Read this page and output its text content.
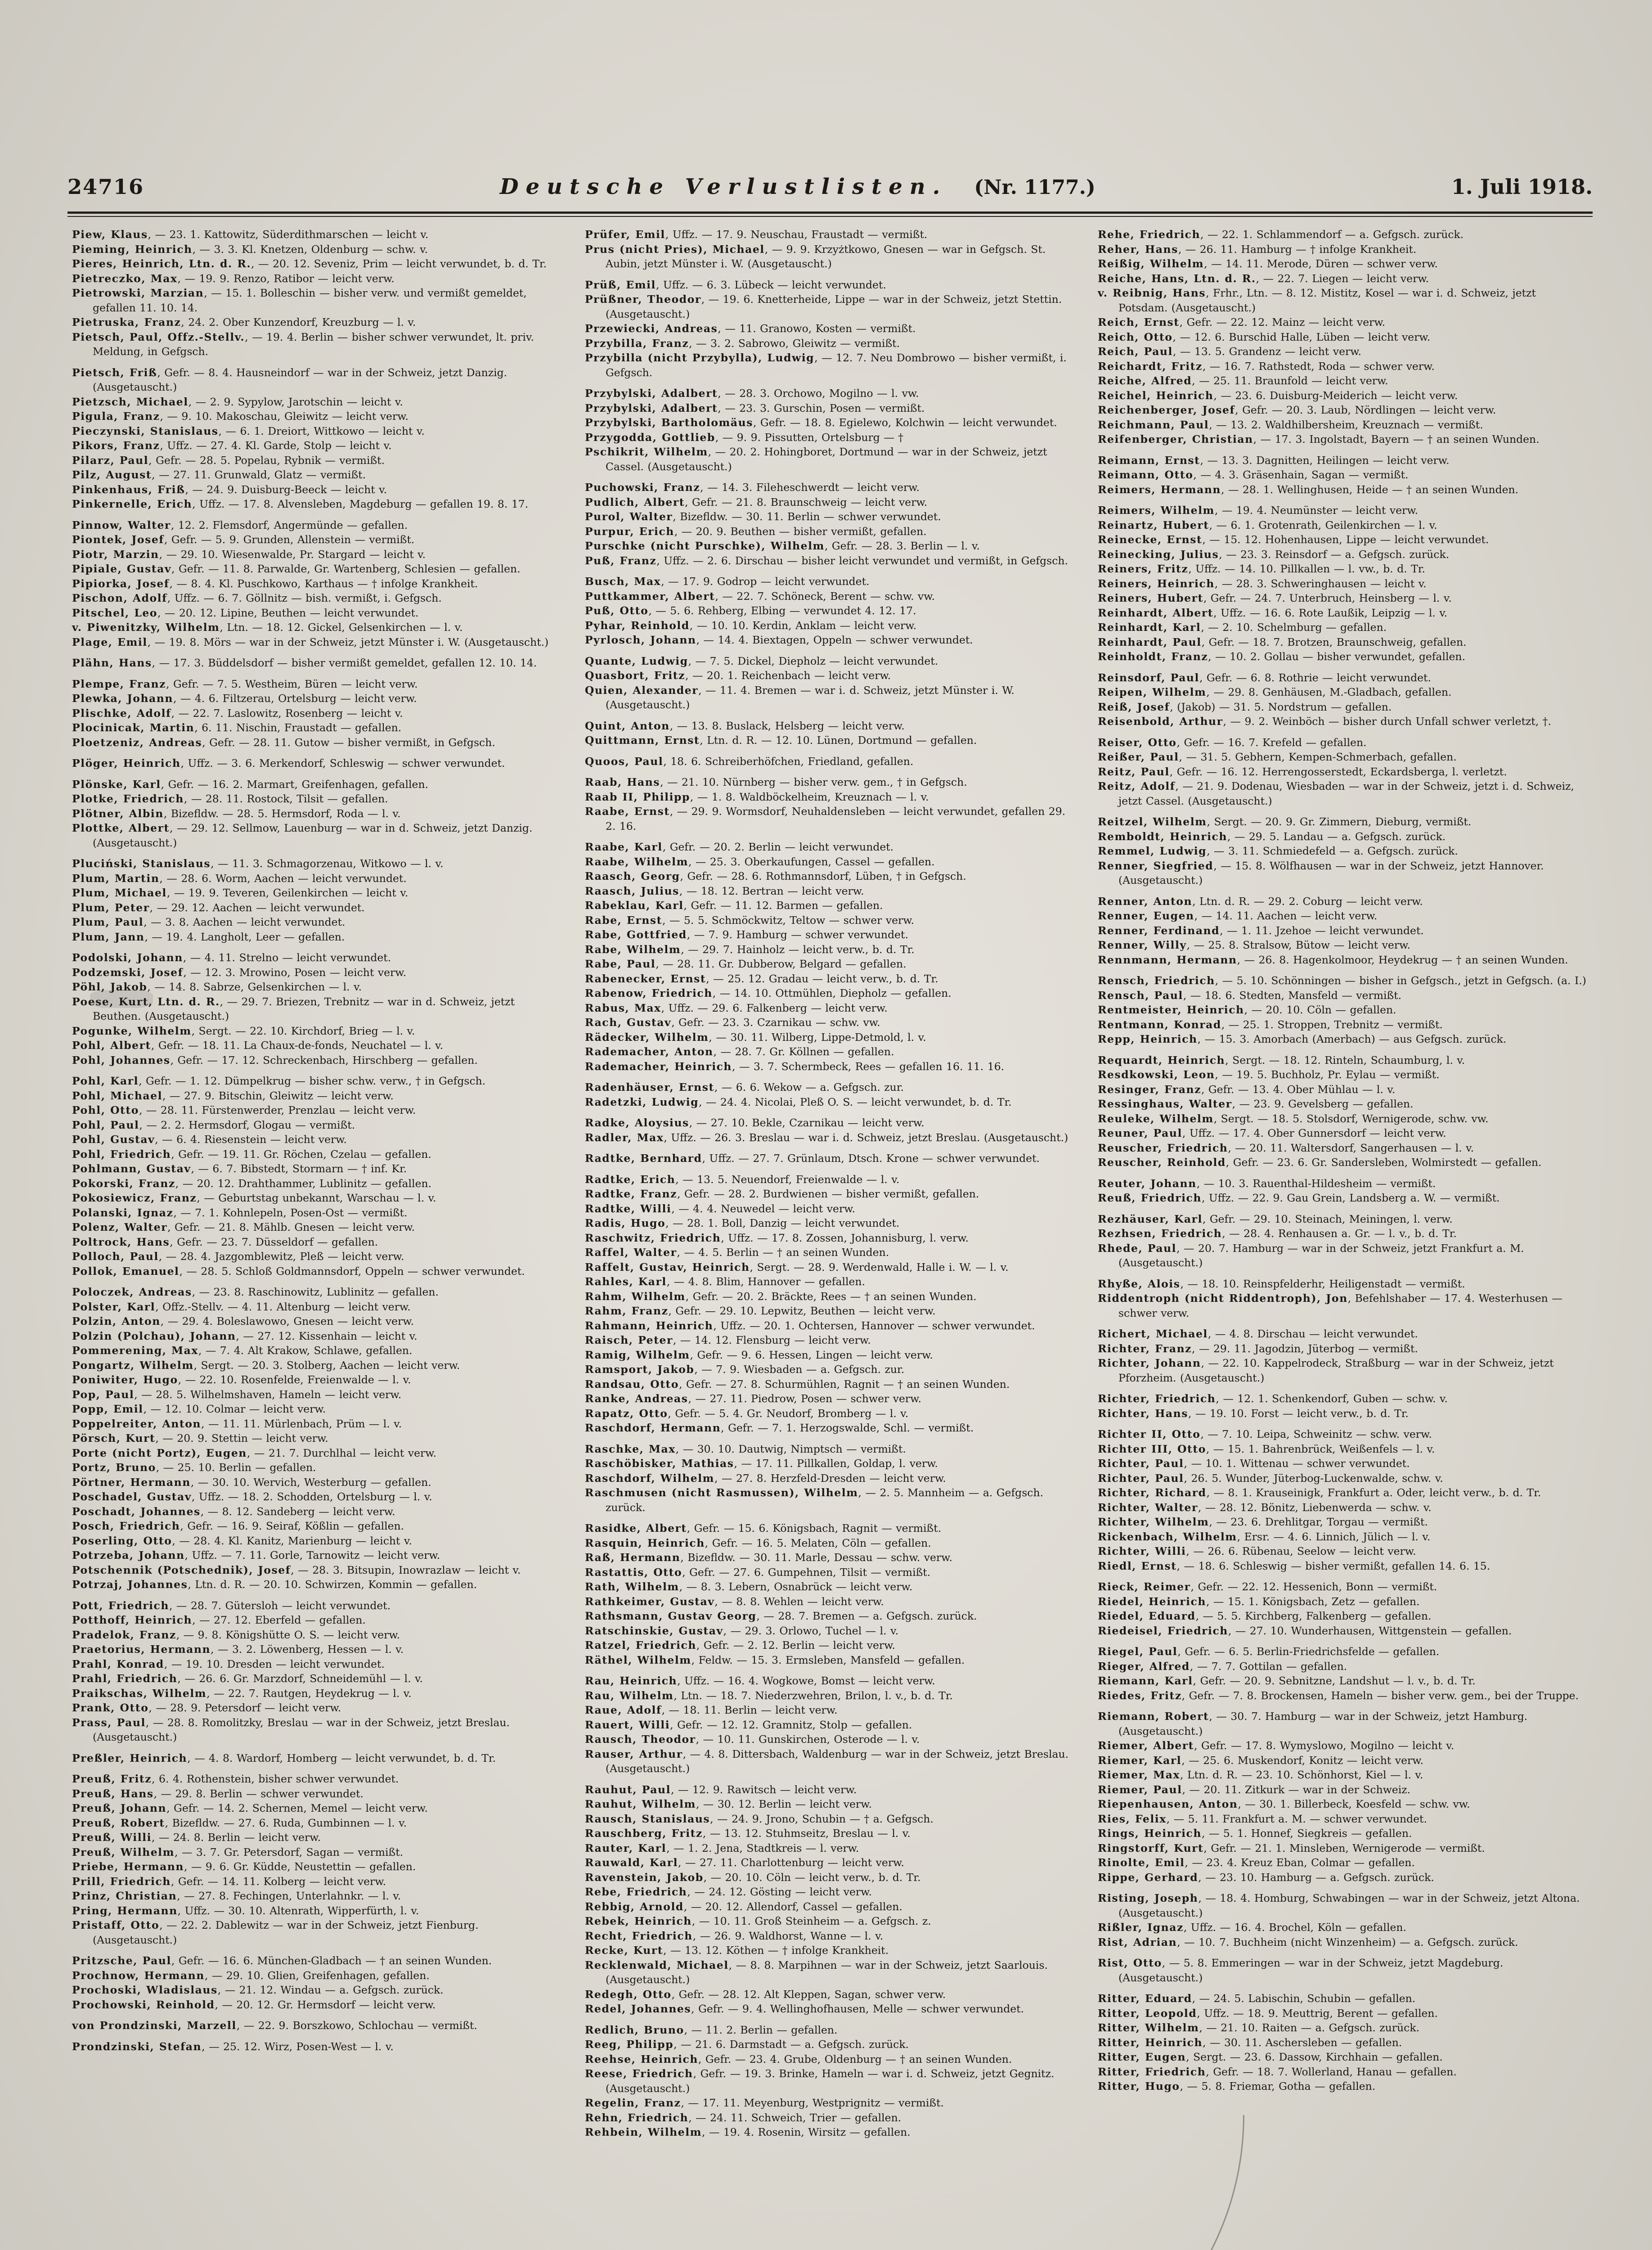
24716	Deutsche Verlustlisten. (Nr. 1177.)	1. Juli 1918.

Piew, Klaus, — 23. 1. Kattowitz, Süderdithmarschen — leicht v.

Pieming, Heinrich, — 3. 3. Kl. Knetzen, Oldenburg — schw. v.

Pieres, Heinrich, Ltn. d. R., — 20. 12. Seveniz, Prim — leicht verwundet, b. d. Tr.

Pietreczko, Max, — 19. 9. Renzo, Ratibor — leicht verw.

Pietrowski, Marzian, — 15. 1. Bolleschin — bisher verw. und vermißt gemeldet, gefallen 11. 10. 14.

Pietruska, Franz, 24. 2. Ober Kunzendorf, Kreuzburg — l. v.

Pietsch, Paul, Offz.-Stellv., — 19. 4. Berlin — bisher schwer verwundet, lt. priv. Meldung, in Gefgsch.

Pietsch, Friß, Gefr. — 8. 4. Hausneindorf — war in der Schweiz, jetzt Danzig. (Ausgetauscht.)

Pietzsch, Michael, — 2. 9. Sypylow, Jarotschin — leicht v.

Pigula, Franz, — 9. 10. Makoschau, Gleiwitz — leicht verw.

Pieczynski, Stanislaus, — 6. 1. Dreiort, Wittkowo — leicht v.

Pikors, Franz, Uffz. — 27. 4. Kl. Garde, Stolp — leicht v.

Pilarz, Paul, Gefr. — 28. 5. Popelau, Rybnik — vermißt.

Pilz, August, — 27. 11. Grunwald, Glatz — vermißt.

Pinkenhaus, Friß, — 24. 9. Duisburg-Beeck — leicht v.

Pinkernelle, Erich, Uffz. — 17. 8. Alvensleben, Magdeburg — gefallen 19. 8. 17.

Pinnow, Walter, 12. 2. Flemsdorf, Angermünde — gefallen.

Piontek, Josef, Gefr. — 5. 9. Grunden, Allenstein — vermißt.

Piotr, Marzin, — 29. 10. Wiesenwalde, Pr. Stargard — leicht v.

Pipiale, Gustav, Gefr. — 11. 8. Parwalde, Gr. Wartenberg, Schlesien — gefallen.

Pipiorka, Josef, — 8. 4. Kl. Puschkowo, Karthaus — † infolge Krankheit.

Pischon, Adolf, Uffz. — 6. 7. Göllnitz — bish. vermißt, i. Gefgsch.

Pitschel, Leo, — 20. 12. Lipine, Beuthen — leicht verwundet.

v. Piwenitzky, Wilhelm, Ltn. — 18. 12. Gickel, Gelsenkirchen — l. v.

Plage, Emil, — 19. 8. Mörs — war in der Schweiz, jetzt Münster i. W. (Ausgetauscht.)

Plähn, Hans, — 17. 3. Büddelsdorf — bisher vermißt gemeldet, gefallen 12. 10. 14.

Plempe, Franz, Gefr. — 7. 5. Westheim, Büren — leicht verw.

Plewka, Johann, — 4. 6. Filtzerau, Ortelsburg — leicht verw.

Plischke, Adolf, — 22. 7. Laslowitz, Rosenberg — leicht v.

Plocinicak, Martin, 6. 11. Nischin, Fraustadt — gefallen.

Ploetzeniz, Andreas, Gefr. — 28. 11. Gutow — bisher vermißt, in Gefgsch.

Plöger, Heinrich, Uffz. — 3. 6. Merkendorf, Schleswig — schwer verwundet.

Plönske, Karl, Gefr. — 16. 2. Marmart, Greifenhagen, gefallen.

Plotke, Friedrich, — 28. 11. Rostock, Tilsit — gefallen.

Plötner, Albin, Bizefldw. — 28. 5. Hermsdorf, Roda — l. v.

Plottke, Albert, — 29. 12. Sellmow, Lauenburg — war in d. Schweiz, jetzt Danzig. (Ausgetauscht.)

Pluciński, Stanislaus, — 11. 3. Schmagorzenau, Witkowo — l. v.

Plum, Martin, — 28. 6. Worm, Aachen — leicht verwundet.

Plum, Michael, — 19. 9. Teveren, Geilenkirchen — leicht v.

Plum, Peter, — 29. 12. Aachen — leicht verwundet.

Plum, Paul, — 3. 8. Aachen — leicht verwundet.

Plum, Jann, — 19. 4. Langholt, Leer — gefallen.

Podolski, Johann, — 4. 11. Strelno — leicht verwundet.

Podzemski, Josef, — 12. 3. Mrowino, Posen — leicht verw.

Pöhl, Jakob, — 14. 8. Sabrze, Gelsenkirchen — l. v.

Poese, Kurt, Ltn. d. R., — 29. 7. Briezen, Trebnitz — war in d. Schweiz, jetzt Beuthen. (Ausgetauscht.)

Pogunke, Wilhelm, Sergt. — 22. 10. Kirchdorf, Brieg — l. v.

Pohl, Albert, Gefr. — 18. 11. La Chaux-de-fonds, Neuchatel — l. v.

Pohl, Johannes, Gefr. — 17. 12. Schreckenbach, Hirschberg — gefallen.

Pohl, Karl, Gefr. — 1. 12. Dümpelkrug — bisher schw. verw., † in Gefgsch.

Pohl, Michael, — 27. 9. Bitschin, Gleiwitz — leicht verw.

Pohl, Otto, — 28. 11. Fürstenwerder, Prenzlau — leicht verw.

Pohl, Paul, — 2. 2. Hermsdorf, Glogau — vermißt.

Pohl, Gustav, — 6. 4. Riesenstein — leicht verw.

Pohl, Friedrich, Gefr. — 19. 11. Gr. Röchen, Czelau — gefallen.

Pohlmann, Gustav, — 6. 7. Bibstedt, Stormarn — † inf. Kr.

Pokorski, Franz, — 20. 12. Drahthammer, Lublinitz — gefallen.

Pokosiewicz, Franz, — Geburtstag unbekannt, Warschau — l. v.

Polanski, Ignaz, — 7. 1. Kohnlepeln, Posen-Ost — vermißt.

Polenz, Walter, Gefr. — 21. 8. Mählb. Gnesen — leicht verw.

Poltrock, Hans, Gefr. — 23. 7. Düsseldorf — gefallen.

Polloch, Paul, — 28. 4. Jazgomblewitz, Pleß — leicht verw.

Pollok, Emanuel, — 28. 5. Schloß Goldmannsdorf, Oppeln — schwer verwundet.

Poloczek, Andreas, — 23. 8. Raschinowitz, Lublinitz — gefallen.

Polster, Karl, Offz.-Stellv. — 4. 11. Altenburg — leicht verw.

Polzin, Anton, — 29. 4. Boleslawowo, Gnesen — leicht verw.

Polzin (Polchau), Johann, — 27. 12. Kissenhain — leicht v.

Pommerening, Max, — 7. 4. Alt Krakow, Schlawe, gefallen.

Pongartz, Wilhelm, Sergt. — 20. 3. Stolberg, Aachen — leicht verw.

Poniwiter, Hugo, — 22. 10. Rosenfelde, Freienwalde — l. v.

Pop, Paul, — 28. 5. Wilhelmshaven, Hameln — leicht verw.

Popp, Emil, — 12. 10. Colmar — leicht verw.

Poppelreiter, Anton, — 11. 11. Mürlenbach, Prüm — l. v.

Pörsch, Kurt, — 20. 9. Stettin — leicht verw.

Porte (nicht Portz), Eugen, — 21. 7. Durchlhal — leicht verw.

Portz, Bruno, — 25. 10. Berlin — gefallen.

Pörtner, Hermann, — 30. 10. Wervich, Westerburg — gefallen.

Poschadel, Gustav, Uffz. — 18. 2. Schodden, Ortelsburg — l. v.

Poschadt, Johannes, — 8. 12. Sandeberg — leicht verw.

Posch, Friedrich, Gefr. — 16. 9. Seiraf, Kößlin — gefallen.

Poserling, Otto, — 28. 4. Kl. Kanitz, Marienburg — leicht v.

Potrzeba, Johann, Uffz. — 7. 11. Gorle, Tarnowitz — leicht verw.

Potschennik (Potschednik), Josef, — 28. 3. Bitsupin, Inowrazlaw — leicht v.

Potrzaj, Johannes, Ltn. d. R. — 20. 10. Schwirzen, Kommin — gefallen.

Pott, Friedrich, — 28. 7. Gütersloh — leicht verwundet.

Potthoff, Heinrich, — 27. 12. Eberfeld — gefallen.

Pradelok, Franz, — 9. 8. Königshütte O. S. — leicht verw.

Praetorius, Hermann, — 3. 2. Löwenberg, Hessen — l. v.

Prahl, Konrad, — 19. 10. Dresden — leicht verwundet.

Prahl, Friedrich, — 26. 6. Gr. Marzdorf, Schneidemühl — l. v.

Praikschas, Wilhelm, — 22. 7. Rautgen, Heydekrug — l. v.

Prank, Otto, — 28. 9. Petersdorf — leicht verw.

Prass, Paul, — 28. 8. Romolitzky, Breslau — war in der Schweiz, jetzt Breslau. (Ausgetauscht.)

Preßler, Heinrich, — 4. 8. Wardorf, Homberg — leicht verwundet, b. d. Tr.

Preuß, Fritz, 6. 4. Rothenstein, bisher schwer verwundet.

Preuß, Hans, — 29. 8. Berlin — schwer verwundet.

Preuß, Johann, Gefr. — 14. 2. Schernen, Memel — leicht verw.

Preuß, Robert, Bizefldw. — 27. 6. Ruda, Gumbinnen — l. v.

Preuß, Willi, — 24. 8. Berlin — leicht verw.

Preuß, Wilhelm, — 3. 7. Gr. Petersdorf, Sagan — vermißt.

Priebe, Hermann, — 9. 6. Gr. Küdde, Neustettin — gefallen.

Prill, Friedrich, Gefr. — 14. 11. Kolberg — leicht verw.

Prinz, Christian, — 27. 8. Fechingen, Unterlahnkr. — l. v.

Pring, Hermann, Uffz. — 30. 10. Altenrath, Wipperfürth, l. v.

Pristaff, Otto, — 22. 2. Dablewitz — war in der Schweiz, jetzt Fienburg. (Ausgetauscht.)

Pritzsche, Paul, Gefr. — 16. 6. München-Gladbach — † an seinen Wunden.

Prochnow, Hermann, — 29. 10. Glien, Greifenhagen, gefallen.

Prochoski, Wladislaus, — 21. 12. Windau — a. Gefgsch. zurück.

Prochowski, Reinhold, — 20. 12. Gr. Hermsdorf — leicht verw.

von Prondzinski, Marzell, — 22. 9. Borszkowo, Schlochau — vermißt.

Prondzinski, Stefan, — 25. 12. Wirz, Posen-West — l. v.

Prüfer, Emil, Uffz. — 17. 9. Neuschau, Fraustadt — vermißt.

Prus (nicht Pries), Michael, — 9. 9. Krzyżtkowo, Gnesen — war in Gefgsch. St. Aubin, jetzt Münster i. W. (Ausgetauscht.)

Prüß, Emil, Uffz. — 6. 3. Lübeck — leicht verwundet.

Prüßner, Theodor, — 19. 6. Knetterheide, Lippe — war in der Schweiz, jetzt Stettin. (Ausgetauscht.)

Przewiecki, Andreas, — 11. Granowo, Kosten — vermißt.

Przybilla, Franz, — 3. 2. Sabrowo, Gleiwitz — vermißt.

Przybilla (nicht Przybylla), Ludwig, — 12. 7. Neu Dombrowo — bisher vermißt, i. Gefgsch.

Przybylski, Adalbert, — 28. 3. Orchowo, Mogilno — l. vw.

Przybylski, Adalbert, — 23. 3. Gurschin, Posen — vermißt.

Przybylski, Bartholomäus, Gefr. — 18. 8. Egielewo, Kolchwin — leicht verwundet.

Przygodda, Gottlieb, — 9. 9. Pissutten, Ortelsburg — †

Pschikrit, Wilhelm, — 20. 2. Hohingboret, Dortmund — war in der Schweiz, jetzt Cassel. (Ausgetauscht.)

Puchowski, Franz, — 14. 3. Fileheschwerdt — leicht verw.

Pudlich, Albert, Gefr. — 21. 8. Braunschweig — leicht verw.

Purol, Walter, Bizefldw. — 30. 11. Berlin — schwer verwundet.

Purpur, Erich, — 20. 9. Beuthen — bisher vermißt, gefallen.

Purschke (nicht Purschke), Wilhelm, Gefr. — 28. 3. Berlin — l. v.

Puß, Franz, Uffz. — 2. 6. Dirschau — bisher leicht verwundet und vermißt, in Gefgsch.

Busch, Max, — 17. 9. Godrop — leicht verwundet.

Puttkammer, Albert, — 22. 7. Schöneck, Berent — schw. vw.

Puß, Otto, — 5. 6. Rehberg, Elbing — verwundet 4. 12. 17.

Pyhar, Reinhold, — 10. 10. Kerdin, Anklam — leicht verw.

Pyrlosch, Johann, — 14. 4. Biextagen, Oppeln — schwer verwundet.

Quante, Ludwig, — 7. 5. Dickel, Diepholz — leicht verwundet.

Quasbort, Fritz, — 20. 1. Reichenbach — leicht verw.

Quien, Alexander, — 11. 4. Bremen — war i. d. Schweiz, jetzt Münster i. W. (Ausgetauscht.)

Quint, Anton, — 13. 8. Buslack, Helsberg — leicht verw.

Quittmann, Ernst, Ltn. d. R. — 12. 10. Lünen, Dortmund — gefallen.

Quoos, Paul, 18. 6. Schreiberhöfchen, Friedland, gefallen.

Raab, Hans, — 21. 10. Nürnberg — bisher verw. gem., † in Gefgsch.

Raab II, Philipp, — 1. 8. Waldböckelheim, Kreuznach — l. v.

Raabe, Ernst, — 29. 9. Wormsdorf, Neuhaldensleben — leicht verwundet, gefallen 29. 2. 16.

Raabe, Karl, Gefr. — 20. 2. Berlin — leicht verwundet.

Raabe, Wilhelm, — 25. 3. Oberkaufungen, Cassel — gefallen.

Raasch, Georg, Gefr. — 28. 6. Rothmannsdorf, Lüben, † in Gefgsch.

Raasch, Julius, — 18. 12. Bertran — leicht verw.

Rabeklau, Karl, Gefr. — 11. 12. Barmen — gefallen.

Rabe, Ernst, — 5. 5. Schmöckwitz, Teltow — schwer verw.

Rabe, Gottfried, — 7. 9. Hamburg — schwer verwundet.

Rabe, Wilhelm, — 29. 7. Hainholz — leicht verw., b. d. Tr.

Rabe, Paul, — 28. 11. Gr. Dubberow, Belgard — gefallen.

Rabenecker, Ernst, — 25. 12. Gradau — leicht verw., b. d. Tr.

Rabenow, Friedrich, — 14. 10. Ottmühlen, Diepholz — gefallen.

Rabus, Max, Uffz. — 29. 6. Falkenberg — leicht verw.

Rach, Gustav, Gefr. — 23. 3. Czarnikau — schw. vw.

Rädecker, Wilhelm, — 30. 11. Wilberg, Lippe-Detmold, l. v.

Rademacher, Anton, — 28. 7. Gr. Köllnen — gefallen.

Rademacher, Heinrich, — 3. 7. Schermbeck, Rees — gefallen 16. 11. 16.

Radenhäuser, Ernst, — 6. 6. Wekow — a. Gefgsch. zur.

Radetzki, Ludwig, — 24. 4. Nicolai, Pleß O. S. — leicht verwundet, b. d. Tr.

Radke, Aloysius, — 27. 10. Bekle, Czarnikau — leicht verw.

Radler, Max, Uffz. — 26. 3. Breslau — war i. d. Schweiz, jetzt Breslau. (Ausgetauscht.)

Radtke, Bernhard, Uffz. — 27. 7. Grünlaum, Dtsch. Krone — schwer verwundet.

Radtke, Erich, — 13. 5. Neuendorf, Freienwalde — l. v.

Radtke, Franz, Gefr. — 28. 2. Burdwienen — bisher vermißt, gefallen.

Radtke, Willi, — 4. 4. Neuwedel — leicht verw.

Radis, Hugo, — 28. 1. Boll, Danzig — leicht verwundet.

Raschwitz, Friedrich, Uffz. — 17. 8. Zossen, Johannisburg, l. verw.

Raffel, Walter, — 4. 5. Berlin — † an seinen Wunden.

Raffelt, Gustav, Heinrich, Sergt. — 28. 9. Werdenwald, Halle i. W. — l. v.

Rahles, Karl, — 4. 8. Blim, Hannover — gefallen.

Rahm, Wilhelm, Gefr. — 20. 2. Bräckte, Rees — † an seinen Wunden.

Rahm, Franz, Gefr. — 29. 10. Lepwitz, Beuthen — leicht verw.

Rahmann, Heinrich, Uffz. — 20. 1. Ochtersen, Hannover — schwer verwundet.

Raisch, Peter, — 14. 12. Flensburg — leicht verw.

Ramig, Wilhelm, Gefr. — 9. 6. Hessen, Lingen — leicht verw.

Ramsport, Jakob, — 7. 9. Wiesbaden — a. Gefgsch. zur.

Randsau, Otto, Gefr. — 27. 8. Schurmühlen, Ragnit — † an seinen Wunden.

Ranke, Andreas, — 27. 11. Piedrow, Posen — schwer verw.

Rapatz, Otto, Gefr. — 5. 4. Gr. Neudorf, Bromberg — l. v.

Raschdorf, Hermann, Gefr. — 7. 1. Herzogswalde, Schl. — vermißt.

Raschke, Max, — 30. 10. Dautwig, Nimptsch — vermißt.

Raschöbisker, Mathias, — 17. 11. Pillkallen, Goldap, l. verw.

Raschdorf, Wilhelm, — 27. 8. Herzfeld-Dresden — leicht verw.

Raschmusen (nicht Rasmussen), Wilhelm, — 2. 5. Mannheim — a. Gefgsch. zurück.

Rasidke, Albert, Gefr. — 15. 6. Königsbach, Ragnit — vermißt.

Rasquin, Heinrich, Gefr. — 16. 5. Melaten, Cöln — gefallen.

Raß, Hermann, Bizefldw. — 30. 11. Marle, Dessau — schw. verw.

Rastattis, Otto, Gefr. — 27. 6. Gumpehnen, Tilsit — vermißt.

Rath, Wilhelm, — 8. 3. Lebern, Osnabrück — leicht verw.

Rathkeimer, Gustav, — 8. 8. Wehlen — leicht verw.

Rathsmann, Gustav Georg, — 28. 7. Bremen — a. Gefgsch. zurück.

Ratschinskie, Gustav, — 29. 3. Orlowo, Tuchel — l. v.

Ratzel, Friedrich, Gefr. — 2. 12. Berlin — leicht verw.

Räthel, Wilhelm, Feldw. — 15. 3. Ermsleben, Mansfeld — gefallen.

Rau, Heinrich, Uffz. — 16. 4. Wogkowe, Bomst — leicht verw.

Rau, Wilhelm, Ltn. — 18. 7. Niederzwehren, Brilon, l. v., b. d. Tr.

Raue, Adolf, — 18. 11. Berlin — leicht verw.

Rauert, Willi, Gefr. — 12. 12. Gramnitz, Stolp — gefallen.

Rausch, Theodor, — 10. 11. Gunskirchen, Osterode — l. v.

Rauser, Arthur, — 4. 8. Dittersbach, Waldenburg — war in der Schweiz, jetzt Breslau. (Ausgetauscht.)

Rauhut, Paul, — 12. 9. Rawitsch — leicht verw.

Rauhut, Wilhelm, — 30. 12. Berlin — leicht verw.

Rausch, Stanislaus, — 24. 9. Jrono, Schubin — † a. Gefgsch.

Rauschberg, Fritz, — 13. 12. Stuhmseitz, Breslau — l. v.

Rauter, Karl, — 1. 2. Jena, Stadtkreis — l. verw.

Rauwald, Karl, — 27. 11. Charlottenburg — leicht verw.

Ravenstein, Jakob, — 20. 10. Cöln — leicht verw., b. d. Tr.

Rebe, Friedrich, — 24. 12. Gösting — leicht verw.

Rebbig, Arnold, — 20. 12. Allendorf, Cassel — gefallen.

Rebek, Heinrich, — 10. 11. Groß Steinheim — a. Gefgsch. z.

Recht, Friedrich, — 26. 9. Waldhorst, Wanne — l. v.

Recke, Kurt, — 13. 12. Köthen — † infolge Krankheit.

Recklenwald, Michael, — 8. 8. Marpihnen — war in der Schweiz, jetzt Saarlouis. (Ausgetauscht.)

Redegh, Otto, Gefr. — 28. 12. Alt Kleppen, Sagan, schwer verw.

Redel, Johannes, Gefr. — 9. 4. Wellinghofhausen, Melle — schwer verwundet.

Redlich, Bruno, — 11. 2. Berlin — gefallen.

Reeg, Philipp, — 21. 6. Darmstadt — a. Gefgsch. zurück.

Reehse, Heinrich, Gefr. — 23. 4. Grube, Oldenburg — † an seinen Wunden.

Reese, Friedrich, Gefr. — 19. 3. Brinke, Hameln — war i. d. Schweiz, jetzt Gegnitz. (Ausgetauscht.)

Regelin, Franz, — 17. 11. Meyenburg, Westprignitz — vermißt.

Rehn, Friedrich, — 24. 11. Schweich, Trier — gefallen.

Rehbein, Wilhelm, — 19. 4. Rosenin, Wirsitz — gefallen.

Rehe, Friedrich, — 22. 1. Schlammendorf — a. Gefgsch. zurück.

Reher, Hans, — 26. 11. Hamburg — † infolge Krankheit.

Reißig, Wilhelm, — 14. 11. Merode, Düren — schwer verw.

Reiche, Hans, Ltn. d. R., — 22. 7. Liegen — leicht verw.

v. Reibnig, Hans, Frhr., Ltn. — 8. 12. Mistitz, Kosel — war i. d. Schweiz, jetzt Potsdam. (Ausgetauscht.)

Reich, Ernst, Gefr. — 22. 12. Mainz — leicht verw.

Reich, Otto, — 12. 6. Burschid Halle, Lüben — leicht verw.

Reich, Paul, — 13. 5. Grandenz — leicht verw.

Reichardt, Fritz, — 16. 7. Rathstedt, Roda — schwer verw.

Reiche, Alfred, — 25. 11. Braunfold — leicht verw.

Reichel, Heinrich, — 23. 6. Duisburg-Meiderich — leicht verw.

Reichenberger, Josef, Gefr. — 20. 3. Laub, Nördlingen — leicht verw.

Reichmann, Paul, — 13. 2. Waldhilbersheim, Kreuznach — vermißt.

Reifenberger, Christian, — 17. 3. Ingolstadt, Bayern — † an seinen Wunden.

Reimann, Ernst, — 13. 3. Dagnitten, Heilingen — leicht verw.

Reimann, Otto, — 4. 3. Gräsenhain, Sagan — vermißt.

Reimers, Hermann, — 28. 1. Wellinghusen, Heide — † an seinen Wunden.

Reimers, Wilhelm, — 19. 4. Neumünster — leicht verw.

Reinartz, Hubert, — 6. 1. Grotenrath, Geilenkirchen — l. v.

Reinecke, Ernst, — 15. 12. Hohenhausen, Lippe — leicht verwundet.

Reinecking, Julius, — 23. 3. Reinsdorf — a. Gefgsch. zurück.

Reiners, Fritz, Uffz. — 14. 10. Pillkallen — l. vw., b. d. Tr.

Reiners, Heinrich, — 28. 3. Schweringhausen — leicht v.

Reiners, Hubert, Gefr. — 24. 7. Unterbruch, Heinsberg — l. v.

Reinhardt, Albert, Uffz. — 16. 6. Rote Laußik, Leipzig — l. v.

Reinhardt, Karl, — 2. 10. Schelmburg — gefallen.

Reinhardt, Paul, Gefr. — 18. 7. Brotzen, Braunschweig, gefallen.

Reinholdt, Franz, — 10. 2. Gollau — bisher verwundet, gefallen.

Reinsdorf, Paul, Gefr. — 6. 8. Rothrie — leicht verwundet.

Reipen, Wilhelm, — 29. 8. Genhäusen, M.-Gladbach, gefallen.

Reiß, Josef, (Jakob) — 31. 5. Nordstrum — gefallen.

Reisenbold, Arthur, — 9. 2. Weinböch — bisher durch Unfall schwer verletzt, †.

Reiser, Otto, Gefr. — 16. 7. Krefeld — gefallen.

Reißer, Paul, — 31. 5. Gebhern, Kempen-Schmerbach, gefallen.

Reitz, Paul, Gefr. — 16. 12. Herrengosserstedt, Eckardsberga, l. verletzt.

Reitz, Adolf, — 21. 9. Dodenau, Wiesbaden — war in der Schweiz, jetzt i. d. Schweiz, jetzt Cassel. (Ausgetauscht.)

Reitzel, Wilhelm, Sergt. — 20. 9. Gr. Zimmern, Dieburg, vermißt.

Remboldt, Heinrich, — 29. 5. Landau — a. Gefgsch. zurück.

Remmel, Ludwig, — 3. 11. Schmiedefeld — a. Gefgsch. zurück.

Renner, Siegfried, — 15. 8. Wölfhausen — war in der Schweiz, jetzt Hannover. (Ausgetauscht.)

Renner, Anton, Ltn. d. R. — 29. 2. Coburg — leicht verw.

Renner, Eugen, — 14. 11. Aachen — leicht verw.

Renner, Ferdinand, — 1. 11. Jzehoe — leicht verwundet.

Renner, Willy, — 25. 8. Stralsow, Bütow — leicht verw.

Rennmann, Hermann, — 26. 8. Hagenkolmoor, Heydekrug — † an seinen Wunden.

Rensch, Friedrich, — 5. 10. Schönningen — bisher in Gefgsch., jetzt in Gefgsch. (a. I.)

Rensch, Paul, — 18. 6. Stedten, Mansfeld — vermißt.

Rentmeister, Heinrich, — 20. 10. Cöln — gefallen.

Rentmann, Konrad, — 25. 1. Stroppen, Trebnitz — vermißt.

Repp, Heinrich, — 15. 3. Amorbach (Amerbach) — aus Gefgsch. zurück.

Requardt, Heinrich, Sergt. — 18. 12. Rinteln, Schaumburg, l. v.

Resdkowski, Leon, — 19. 5. Buchholz, Pr. Eylau — vermißt.

Resinger, Franz, Gefr. — 13. 4. Ober Mühlau — l. v.

Ressinghaus, Walter, — 23. 9. Gevelsberg — gefallen.

Reuleke, Wilhelm, Sergt. — 18. 5. Stolsdorf, Wernigerode, schw. vw.

Reuner, Paul, Uffz. — 17. 4. Ober Gunnersdorf — leicht verw.

Reuscher, Friedrich, — 20. 11. Waltersdorf, Sangerhausen — l. v.

Reuscher, Reinhold, Gefr. — 23. 6. Gr. Sandersleben, Wolmirstedt — gefallen.

Reuter, Johann, — 10. 3. Rauenthal-Hildesheim — vermißt.

Reuß, Friedrich, Uffz. — 22. 9. Gau Grein, Landsberg a. W. — vermißt.

Rezhäuser, Karl, Gefr. — 29. 10. Steinach, Meiningen, l. verw.

Rezhsen, Friedrich, — 28. 4. Renhausen a. Gr. — l. v., b. d. Tr.

Rhede, Paul, — 20. 7. Hamburg — war in der Schweiz, jetzt Frankfurt a. M. (Ausgetauscht.)

Rhyße, Alois, — 18. 10. Reinspfelderhr, Heiligenstadt — vermißt.

Riddentroph (nicht Riddentroph), Jon, Befehlshaber — 17. 4. Westerhusen — schwer verw.

Richert, Michael, — 4. 8. Dirschau — leicht verwundet.

Richter, Franz, — 29. 11. Jagodzin, Jüterbog — vermißt.

Richter, Johann, — 22. 10. Kappelrodeck, Straßburg — war in der Schweiz, jetzt Pforzheim. (Ausgetauscht.)

Richter, Friedrich, — 12. 1. Schenkendorf, Guben — schw. v.

Richter, Hans, — 19. 10. Forst — leicht verw., b. d. Tr.

Richter II, Otto, — 7. 10. Leipa, Schweinitz — schw. verw.

Richter III, Otto, — 15. 1. Bahrenbrück, Weißenfels — l. v.

Richter, Paul, — 10. 1. Wittenau — schwer verwundet.

Richter, Paul, 26. 5. Wunder, Jüterbog-Luckenwalde, schw. v.

Richter, Richard, — 8. 1. Krauseinigk, Frankfurt a. Oder, leicht verw., b. d. Tr.

Richter, Walter, — 28. 12. Bönitz, Liebenwerda — schw. v.

Richter, Wilhelm, — 23. 6. Drehlitgar, Torgau — vermißt.

Rickenbach, Wilhelm, Ersr. — 4. 6. Linnich, Jülich — l. v.

Richter, Willi, — 26. 6. Rübenau, Seelow — leicht verw.

Riedl, Ernst, — 18. 6. Schleswig — bisher vermißt, gefallen 14. 6. 15.

Rieck, Reimer, Gefr. — 22. 12. Hessenich, Bonn — vermißt.

Riedel, Heinrich, — 15. 1. Königsbach, Zetz — gefallen.

Riedel, Eduard, — 5. 5. Kirchberg, Falkenberg — gefallen.

Riedeisel, Friedrich, — 27. 10. Wunderhausen, Wittgenstein — gefallen.

Riegel, Paul, Gefr. — 6. 5. Berlin-Friedrichsfelde — gefallen.

Rieger, Alfred, — 7. 7. Gottilan — gefallen.

Riemann, Karl, Gefr. — 20. 9. Sebnitzne, Landshut — l. v., b. d. Tr.

Riedes, Fritz, Gefr. — 7. 8. Brockensen, Hameln — bisher verw. gem., bei der Truppe.

Riemann, Robert, — 30. 7. Hamburg — war in der Schweiz, jetzt Hamburg. (Ausgetauscht.)

Riemer, Albert, Gefr. — 17. 8. Wymyslowo, Mogilno — leicht v.

Riemer, Karl, — 25. 6. Muskendorf, Konitz — leicht verw.

Riemer, Max, Ltn. d. R. — 23. 10. Schönhorst, Kiel — l. v.

Riemer, Paul, — 20. 11. Zitkurk — war in der Schweiz.

Riepenhausen, Anton, — 30. 1. Billerbeck, Koesfeld — schw. vw.

Ries, Felix, — 5. 11. Frankfurt a. M. — schwer verwundet.

Rings, Heinrich, — 5. 1. Honnef, Siegkreis — gefallen.

Ringstorff, Kurt, Gefr. — 21. 1. Minsleben, Wernigerode — vermißt.

Rinolte, Emil, — 23. 4. Kreuz Eban, Colmar — gefallen.

Rippe, Gerhard, — 23. 10. Hamburg — a. Gefgsch. zurück.

Risting, Joseph, — 18. 4. Homburg, Schwabingen — war in der Schweiz, jetzt Altona. (Ausgetauscht.)

Rißler, Ignaz, Uffz. — 16. 4. Brochel, Köln — gefallen.

Rist, Adrian, — 10. 7. Buchheim (nicht Winzenheim) — a. Gefgsch. zurück.

Rist, Otto, — 5. 8. Emmeringen — war in der Schweiz, jetzt Magdeburg. (Ausgetauscht.)

Ritter, Eduard, — 24. 5. Labischin, Schubin — gefallen.

Ritter, Leopold, Uffz. — 18. 9. Meuttrig, Berent — gefallen.

Ritter, Wilhelm, — 21. 10. Raiten — a. Gefgsch. zurück.

Ritter, Heinrich, — 30. 11. Aschersleben — gefallen.

Ritter, Eugen, Sergt. — 23. 6. Dassow, Kirchhain — gefallen.

Ritter, Friedrich, Gefr. — 18. 7. Wollerland, Hanau — gefallen.

Ritter, Hugo, — 5. 8. Friemar, Gotha — gefallen.
